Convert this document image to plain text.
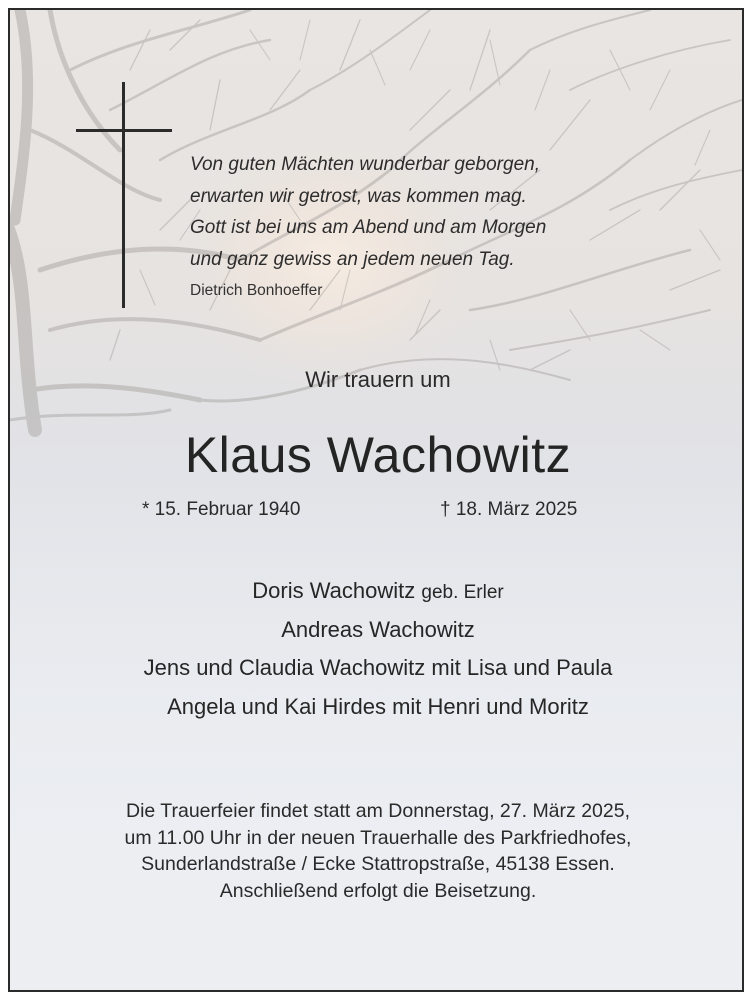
Von guten Mächten wunderbar geborgen,
erwarten wir getrost, was kommen mag.
Gott ist bei uns am Abend und am Morgen
und ganz gewiss an jedem neuen Tag.
Dietrich Bonhoeffer
Wir trauern um
Klaus Wachowitz
* 15. Februar 1940	† 18. März 2025
Doris Wachowitz geb. Erler
Andreas Wachowitz
Jens und Claudia Wachowitz mit Lisa und Paula
Angela und Kai Hirdes mit Henri und Moritz
Die Trauerfeier findet statt am Donnerstag, 27. März 2025,
um 11.00 Uhr in der neuen Trauerhalle des Parkfriedhofes,
Sunderlandstraße / Ecke Stattropstraße, 45138 Essen.
Anschließend erfolgt die Beisetzung.
